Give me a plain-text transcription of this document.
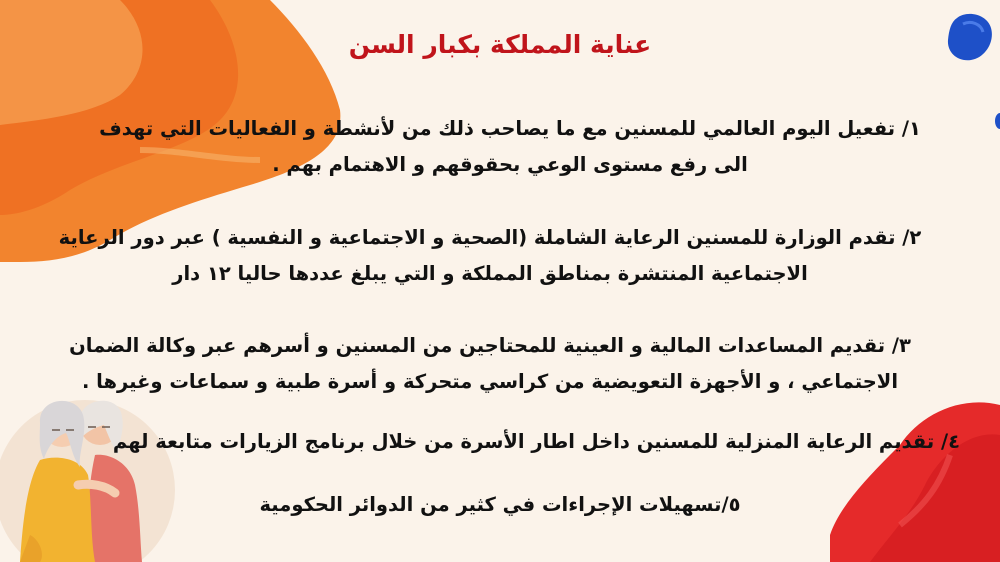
عناية المملكة بكبار السن
١/ تفعيل اليوم العالمي للمسنين مع ما يصاحب ذلك من لأنشطة و الفعاليات التي تهدف
الى رفع مستوى الوعي بحقوقهم و الاهتمام بهم .
٢/ تقدم الوزارة للمسنين الرعاية الشاملة (الصحية و الاجتماعية و النفسية ) عبر دور الرعاية
الاجتماعية المنتشرة بمناطق المملكة و التي يبلغ عددها حاليا ١٢ دار
٣/ تقديم المساعدات المالية و العينية للمحتاجين من المسنين و أسرهم عبر وكالة الضمان
الاجتماعي ، و الأجهزة التعويضية من كراسي متحركة و أسرة طبية و سماعات وغيرها .
٤/ تقديم الرعاية المنزلية للمسنين داخل اطار الأسرة من خلال برنامج الزيارات متابعة لهم
٥/تسهيلات الإجراءات في كثير من الدوائر الحكومية
